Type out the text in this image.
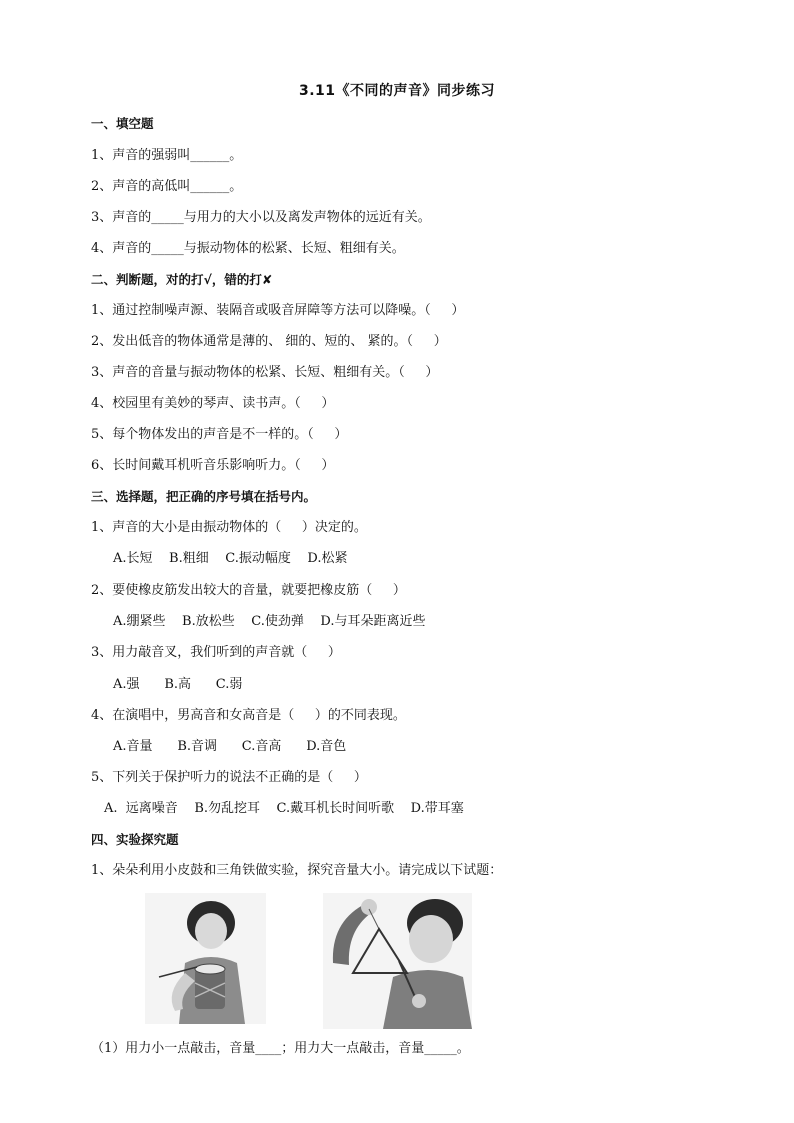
3.11《不同的声音》同步练习
一、填空题
1、声音的强弱叫______。
2、声音的高低叫______。
3、声音的_____与用力的大小以及离发声物体的远近有关。
4、声音的_____与振动物体的松紧、长短、粗细有关。
二、判断题，对的打√，错的打✘
1、通过控制噪声源、装隔音或吸音屏障等方法可以降噪。（     ）
2、发出低音的物体通常是薄的、 细的、短的、 紧的。（     ）
3、声音的音量与振动物体的松紧、长短、粗细有关。（     ）
4、校园里有美妙的琴声、读书声。（     ）
5、每个物体发出的声音是不一样的。（     ）
6、长时间戴耳机听音乐影响听力。（     ）
三、选择题，把正确的序号填在括号内。
1、声音的大小是由振动物体的（     ）决定的。
A.长短    B.粗细    C.振动幅度    D.松紧
2、要使橡皮筋发出较大的音量，就要把橡皮筋（     ）
A.绷紧些    B.放松些    C.使劲弹    D.与耳朵距离近些
3、用力敲音叉，我们听到的声音就（     ）
A.强      B.高      C.弱
4、在演唱中，男高音和女高音是（     ）的不同表现。
A.音量      B.音调      C.音高      D.音色
5、下列关于保护听力的说法不正确的是（     ）
A.  远离噪音    B.勿乱挖耳    C.戴耳机长时间听歌    D.带耳塞
四、实验探究题
1、朵朵利用小皮鼓和三角铁做实验，探究音量大小。请完成以下试题：
（1）用力小一点敲击，音量____；用力大一点敲击，音量_____。
